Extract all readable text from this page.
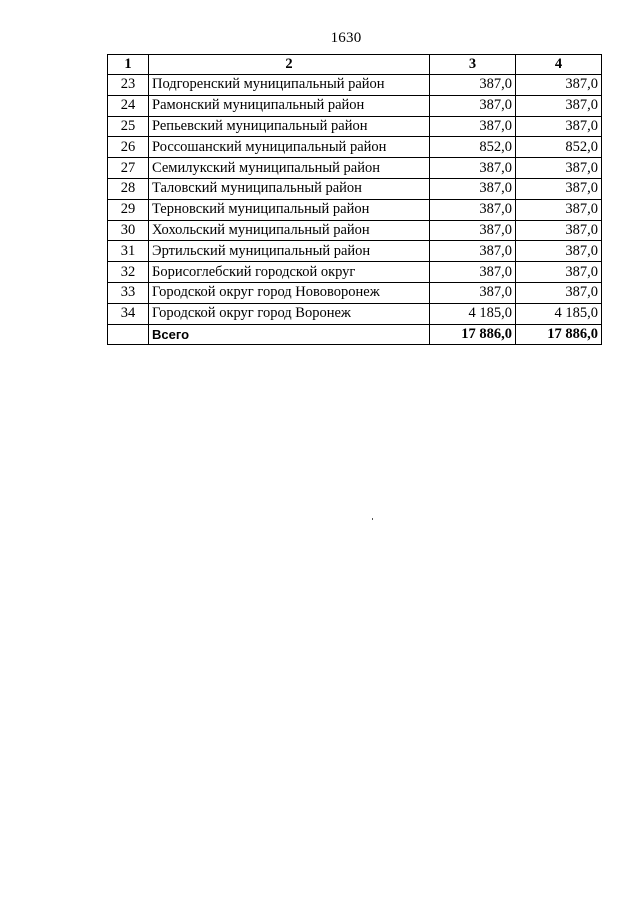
1630
1	2	3	4
23	Подгоренский муниципальный район	387,0	387,0
24	Рамонский муниципальный район	387,0	387,0
25	Репьевский муниципальный район	387,0	387,0
26	Россошанский муниципальный район	852,0	852,0
27	Семилукский муниципальный район	387,0	387,0
28	Таловский муниципальный район	387,0	387,0
29	Терновский муниципальный район	387,0	387,0
30	Хохольский муниципальный район	387,0	387,0
31	Эртильский муниципальный район	387,0	387,0
32	Борисоглебский городской округ	387,0	387,0
33	Городской округ город Нововоронеж	387,0	387,0
34	Городской округ город Воронеж	4 185,0	4 185,0
	Всего	17 886,0	17 886,0
